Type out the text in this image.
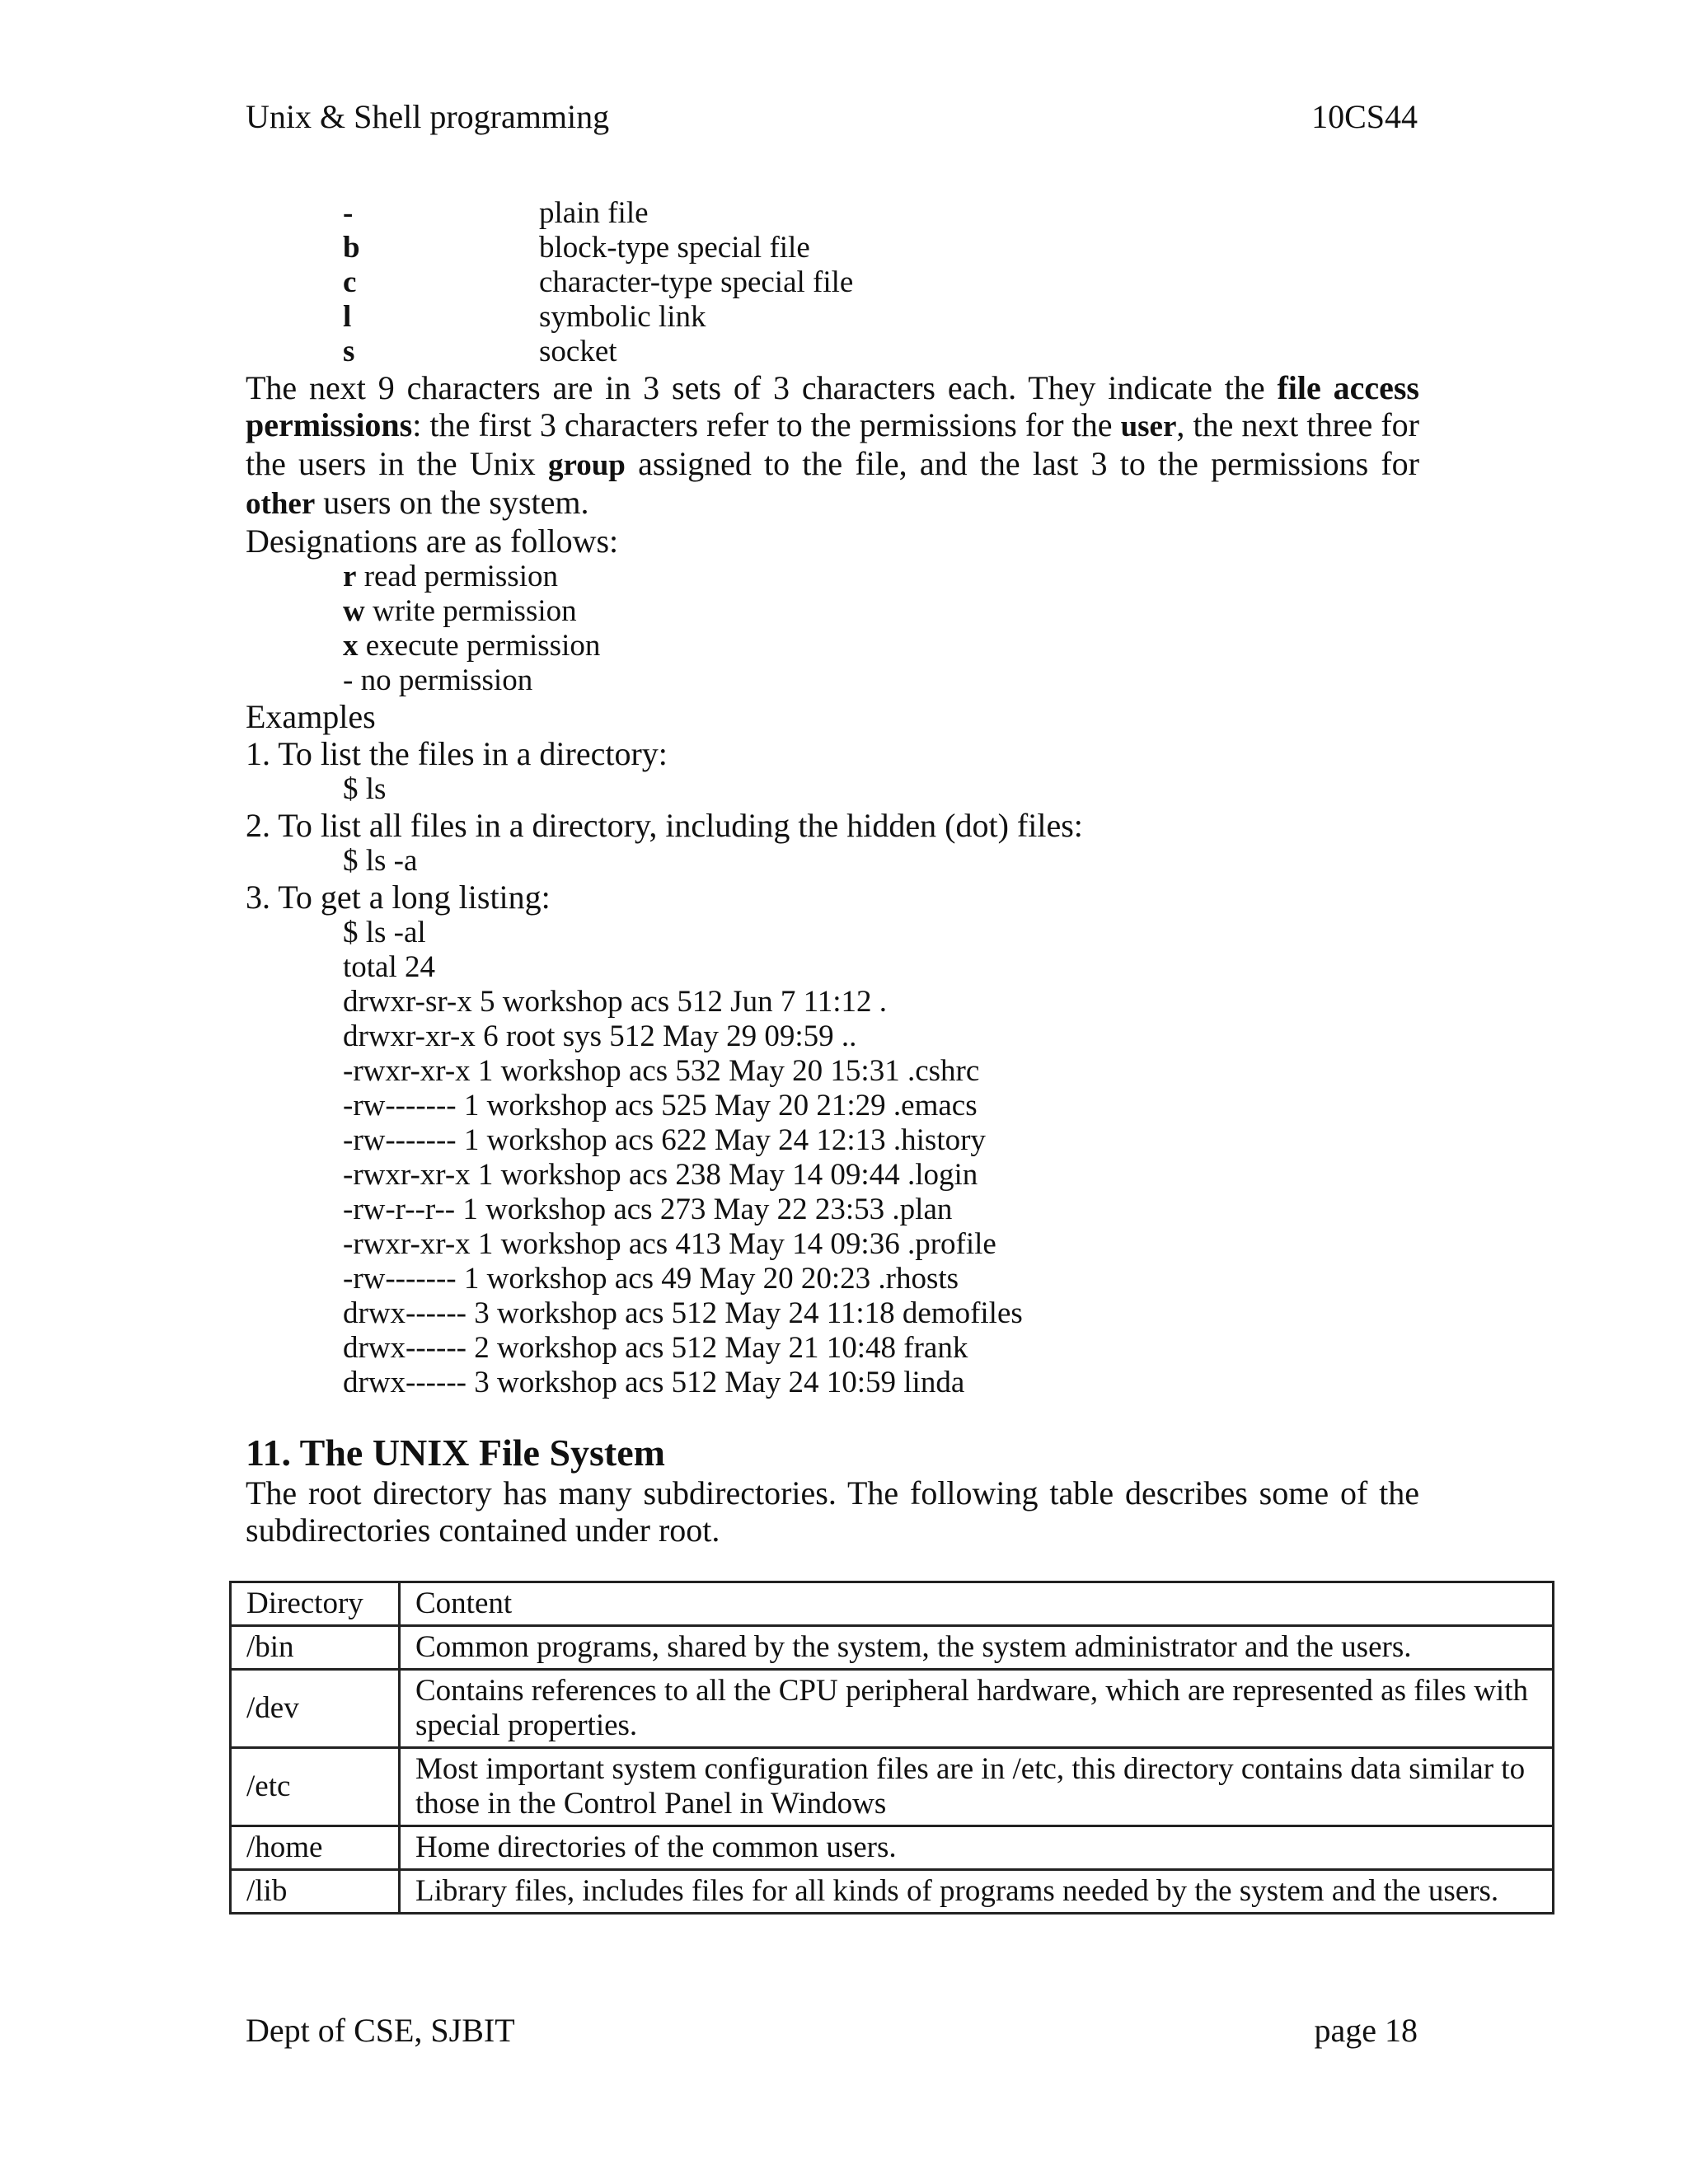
Unix & Shell programming	10CS44
-	plain file
b	block-type special file
c	character-type special file
l	symbolic link
s	socket

The next 9 characters are in 3 sets of 3 characters each. They indicate the file access permissions: the first 3 characters refer to the permissions for the user, the next three for the users in the Unix group assigned to the file, and the last 3 to the permissions for other users on the system.

Designations are as follows:
r read permission
w write permission
x execute permission
- no permission
Examples
1. To list the files in a directory:
$ ls
2. To list all files in a directory, including the hidden (dot) files:
$ ls -a
3. To get a long listing:
$ ls -al
total 24
drwxr-sr-x 5 workshop acs 512 Jun 7 11:12 .
drwxr-xr-x 6 root sys 512 May 29 09:59 ..
-rwxr-xr-x 1 workshop acs 532 May 20 15:31 .cshrc
-rw------- 1 workshop acs 525 May 20 21:29 .emacs
-rw------- 1 workshop acs 622 May 24 12:13 .history
-rwxr-xr-x 1 workshop acs 238 May 14 09:44 .login
-rw-r--r-- 1 workshop acs 273 May 22 23:53 .plan
-rwxr-xr-x 1 workshop acs 413 May 14 09:36 .profile
-rw------- 1 workshop acs 49 May 20 20:23 .rhosts
drwx------ 3 workshop acs 512 May 24 11:18 demofiles
drwx------ 2 workshop acs 512 May 21 10:48 frank
drwx------ 3 workshop acs 512 May 24 10:59 linda
11. The UNIX File System

The root directory has many subdirectories. The following table describes some of the subdirectories contained under root.

Directory	Content
/bin	Common programs, shared by the system, the system administrator and the users.
/dev	Contains references to all the CPU peripheral hardware, which are represented as files with special properties.
/etc	Most important system configuration files are in /etc, this directory contains data similar to those in the Control Panel in Windows
/home	Home directories of the common users.
/lib	Library files, includes files for all kinds of programs needed by the system and the users.
Dept of CSE, SJBIT	page 18
